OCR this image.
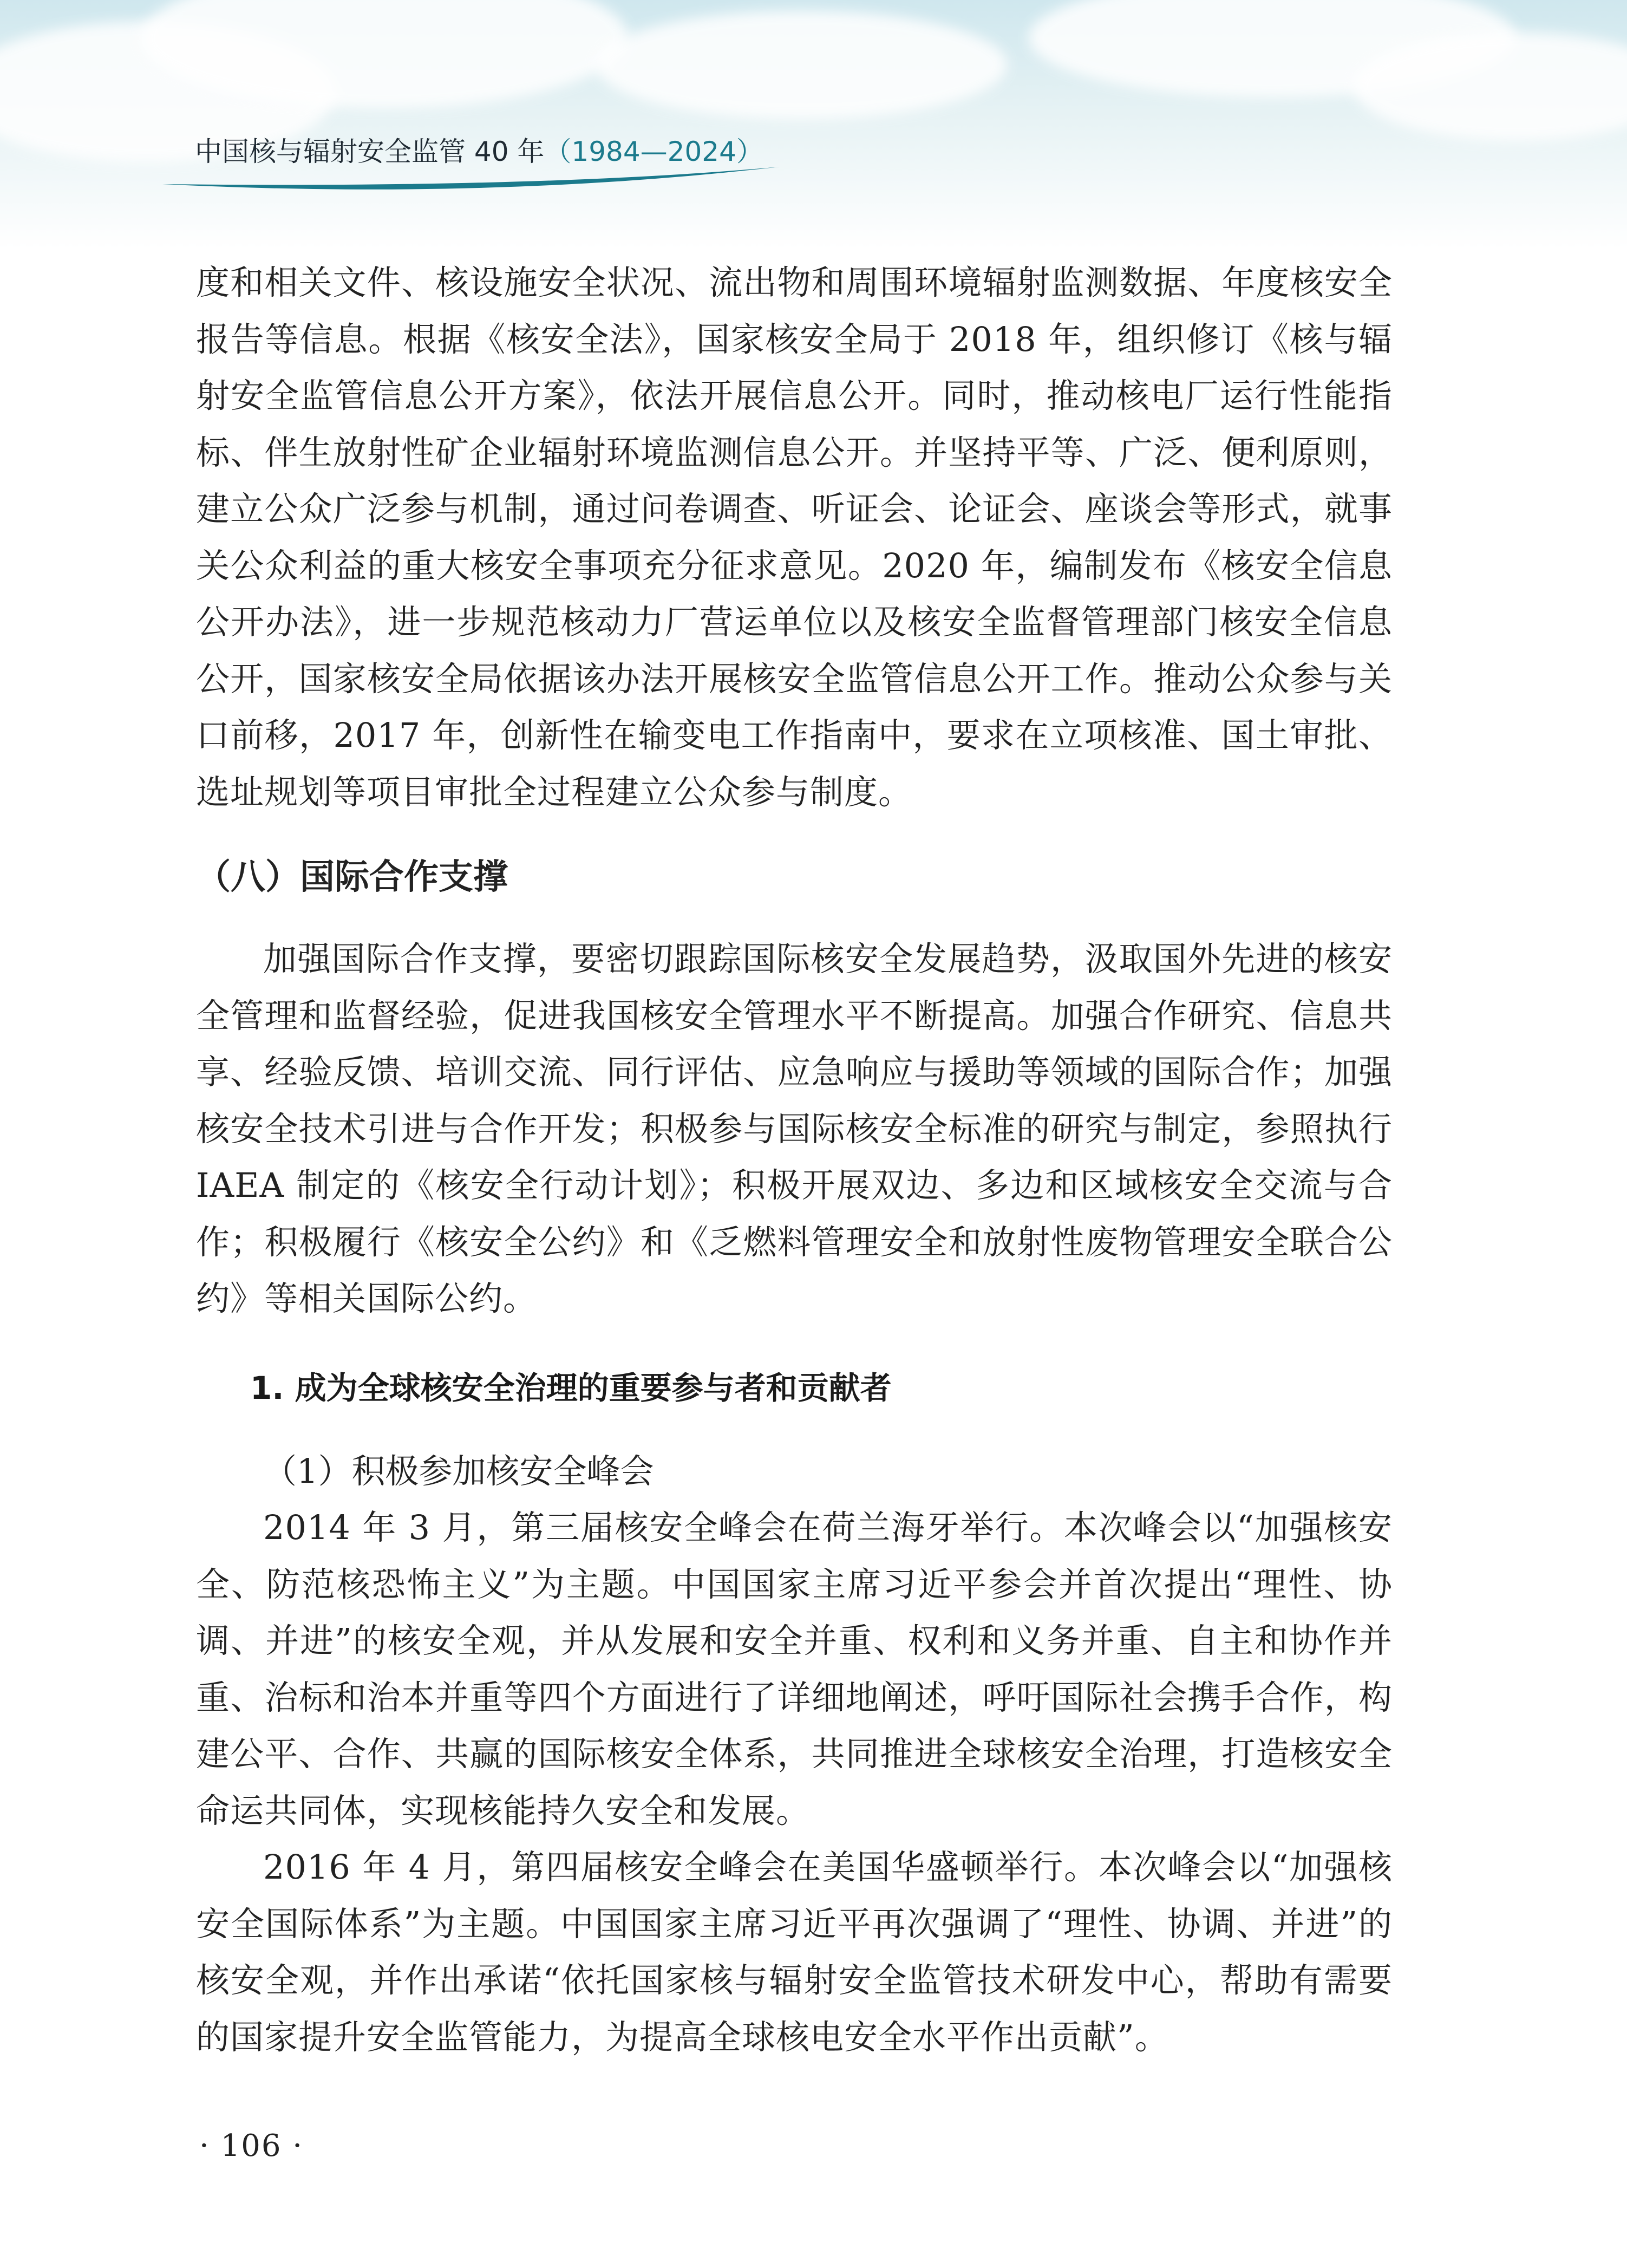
中国核与辐射安全监管 40 年（1984—2024）

度和相关文件、核设施安全状况、流出物和周围环境辐射监测数据、年度核安全报告等信息。根据《核安全法》，国家核安全局于 2018 年，组织修订《核与辐射安全监管信息公开方案》，依法开展信息公开。同时，推动核电厂运行性能指标、伴生放射性矿企业辐射环境监测信息公开。并坚持平等、广泛、便利原则，建立公众广泛参与机制，通过问卷调查、听证会、论证会、座谈会等形式，就事关公众利益的重大核安全事项充分征求意见。2020 年，编制发布《核安全信息公开办法》，进一步规范核动力厂营运单位以及核安全监督管理部门核安全信息公开，国家核安全局依据该办法开展核安全监管信息公开工作。推动公众参与关口前移，2017 年，创新性在输变电工作指南中，要求在立项核准、国土审批、选址规划等项目审批全过程建立公众参与制度。

（八）国际合作支撑

加强国际合作支撑，要密切跟踪国际核安全发展趋势，汲取国外先进的核安全管理和监督经验，促进我国核安全管理水平不断提高。加强合作研究、信息共享、经验反馈、培训交流、同行评估、应急响应与援助等领域的国际合作；加强核安全技术引进与合作开发；积极参与国际核安全标准的研究与制定，参照执行 IAEA 制定的《核安全行动计划》；积极开展双边、多边和区域核安全交流与合作；积极履行《核安全公约》和《乏燃料管理安全和放射性废物管理安全联合公约》等相关国际公约。

1. 成为全球核安全治理的重要参与者和贡献者

（1）积极参加核安全峰会

2014 年 3 月，第三届核安全峰会在荷兰海牙举行。本次峰会以“加强核安全、防范核恐怖主义”为主题。中国国家主席习近平参会并首次提出“理性、协调、并进”的核安全观，并从发展和安全并重、权利和义务并重、自主和协作并重、治标和治本并重等四个方面进行了详细地阐述，呼吁国际社会携手合作，构建公平、合作、共赢的国际核安全体系，共同推进全球核安全治理，打造核安全命运共同体，实现核能持久安全和发展。

2016 年 4 月，第四届核安全峰会在美国华盛顿举行。本次峰会以“加强核安全国际体系”为主题。中国国家主席习近平再次强调了“理性、协调、并进”的核安全观，并作出承诺“依托国家核与辐射安全监管技术研发中心，帮助有需要的国家提升安全监管能力，为提高全球核电安全水平作出贡献”。

· 106 ·
